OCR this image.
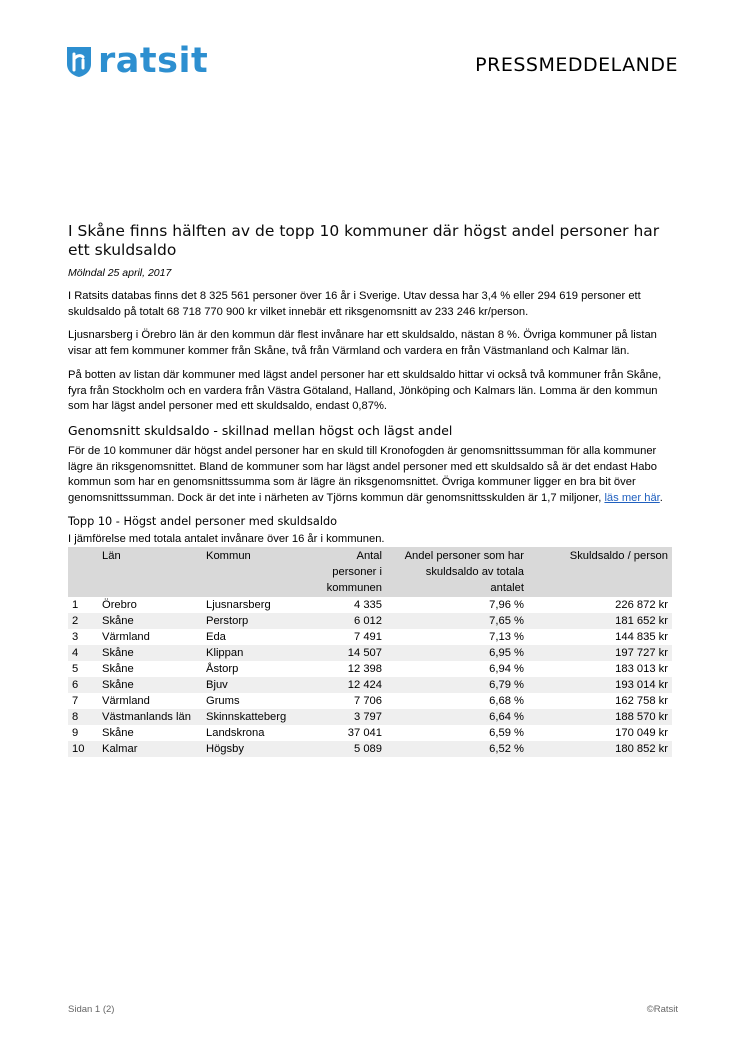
ratsit	PRESSMEDDELANDE
I Skåne finns hälften av de topp 10 kommuner där högst andel personer har ett skuldsaldo
Mölndal 25 april, 2017

I Ratsits databas finns det 8 325 561 personer över 16 år i Sverige. Utav dessa har 3,4 % eller 294 619 personer ett skuldsaldo på totalt 68 718 770 900 kr vilket innebär ett riksgenomsnitt av 233 246 kr/person.

Ljusnarsberg i Örebro län är den kommun där flest invånare har ett skuldsaldo, nästan 8 %. Övriga kommuner på listan visar att fem kommuner kommer från Skåne, två från Värmland och vardera en från Västmanland och Kalmar län.

På botten av listan där kommuner med lägst andel personer har ett skuldsaldo hittar vi också två kommuner från Skåne, fyra från Stockholm och en vardera från Västra Götaland, Halland, Jönköping och Kalmars län. Lomma är den kommun som har lägst andel personer med ett skuldsaldo, endast 0,87%.

Genomsnitt skuldsaldo - skillnad mellan högst och lägst andel

För de 10 kommuner där högst andel personer har en skuld till Kronofogden är genomsnittssumman för alla kommuner lägre än riksgenomsnittet. Bland de kommuner som har lägst andel personer med ett skuldsaldo så är det endast Habo kommun som har en genomsnittssumma som är lägre än riksgenomsnittet. Övriga kommuner ligger en bra bit över genomsnittssumman. Dock är det inte i närheten av Tjörns kommun där genomsnittsskulden är 1,7 miljoner, läs mer här.

Topp 10 - Högst andel personer med skuldsaldo
I jämförelse med totala antalet invånare över 16 år i kommunen.
	Län	Kommun	Antal personer i kommunen	Andel personer som har skuldsaldo av totala antalet	Skuldsaldo / person
1	Örebro	Ljusnarsberg	4 335	7,96 %	226 872 kr
2	Skåne	Perstorp	6 012	7,65 %	181 652 kr
3	Värmland	Eda	7 491	7,13 %	144 835 kr
4	Skåne	Klippan	14 507	6,95 %	197 727 kr
5	Skåne	Åstorp	12 398	6,94 %	183 013 kr
6	Skåne	Bjuv	12 424	6,79 %	193 014 kr
7	Värmland	Grums	7 706	6,68 %	162 758 kr
8	Västmanlands län	Skinnskatteberg	3 797	6,64 %	188 570 kr
9	Skåne	Landskrona	37 041	6,59 %	170 049 kr
10	Kalmar	Högsby	5 089	6,52 %	180 852 kr
Sidan 1 (2)	©Ratsit
